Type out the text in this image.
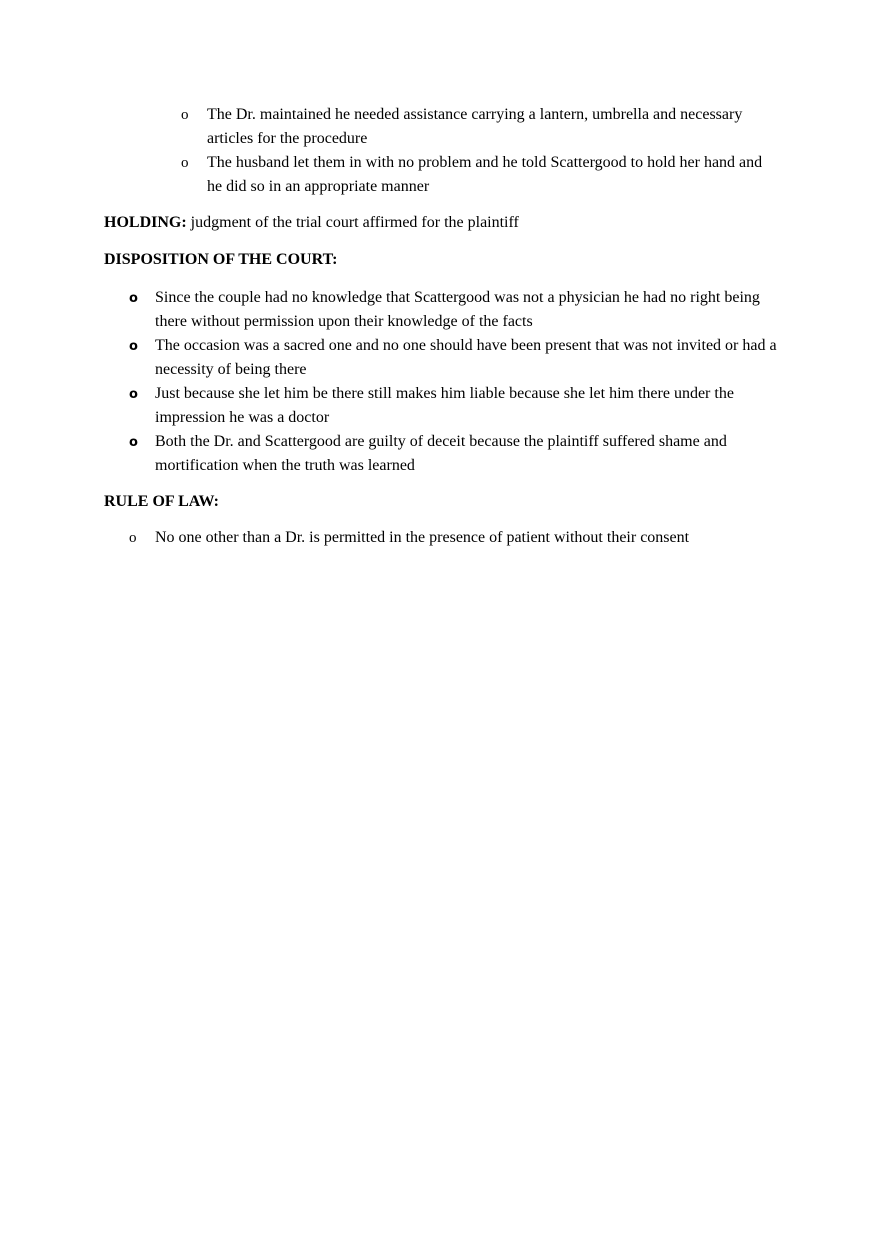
o The Dr. maintained he needed assistance carrying a lantern, umbrella and necessary articles for the procedure
o The husband let them in with no problem and he told Scattergood to hold her hand and he did so in an appropriate manner

HOLDING: judgment of the trial court affirmed for the plaintiff

DISPOSITION OF THE COURT:

o Since the couple had no knowledge that Scattergood was not a physician he had no right being there without permission upon their knowledge of the facts
o The occasion was a sacred one and no one should have been present that was not invited or had a necessity of being there
o Just because she let him be there still makes him liable because she let him there under the impression he was a doctor
o Both the Dr. and Scattergood are guilty of deceit because the plaintiff suffered shame and mortification when the truth was learned

RULE OF LAW:

o No one other than a Dr. is permitted in the presence of patient without their consent
